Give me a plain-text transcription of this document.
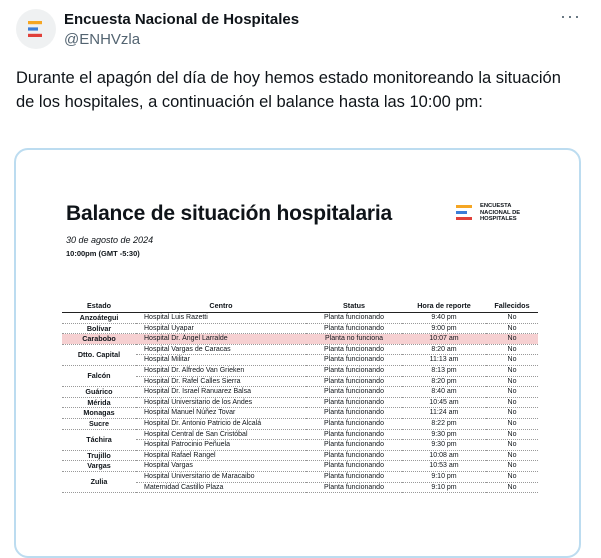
Encuesta Nacional de Hospitales
@ENHVzla
···
Durante el apagón del día de hoy hemos estado monitoreando la situación de los hospitales, a continuación el balance hasta las 10:00 pm:
Balance de situación hospitalaria
30 de agosto de 2024
10:00pm (GMT -5:30)
ENCUESTA
NACIONAL DE
HOSPITALES
Estado	Centro	Status	Hora de reporte	Fallecidos
Anzoátegui	Hospital Luis Razetti	Planta funcionando	9:40 pm	No
Bolívar	Hospital Uyapar	Planta funcionando	9:00 pm	No
Carabobo	Hospital Dr. Ángel Larralde	Planta no funciona	10:07 am	No
Dtto. Capital	Hospital Vargas de Caracas	Planta funcionando	8:20 am	No
	Hospital Militar	Planta funcionando	11:13 am	No
Falcón	Hospital Dr. Alfredo Van Grieken	Planta funcionando	8:13 pm	No
	Hospital Dr. Rafel Calles Sierra	Planta funcionando	8:20 pm	No
Guárico	Hospital Dr. Israel Ranuarez Balsa	Planta funcionando	8:40 am	No
Mérida	Hospital Universitario de los Andes	Planta funcionando	10:45 am	No
Monagas	Hospital Manuel Núñez Tovar	Planta funcionando	11:24 am	No
Sucre	Hospital Dr. Antonio Patricio de Alcalá	Planta funcionando	8:22 pm	No
Táchira	Hospital Central de San Cristóbal	Planta funcionando	9:30 pm	No
	Hospital Patrocinio Peñuela	Planta funcionando	9:30 pm	No
Trujillo	Hospital Rafael Rangel	Planta funcionando	10:08 am	No
Vargas	Hospital Vargas	Planta funcionando	10:53 am	No
Zulia	Hospital Universitario de Maracaibo	Planta funcionando	9:10 pm	No
	Maternidad Castillo Plaza	Planta funcionando	9:10 pm	No
